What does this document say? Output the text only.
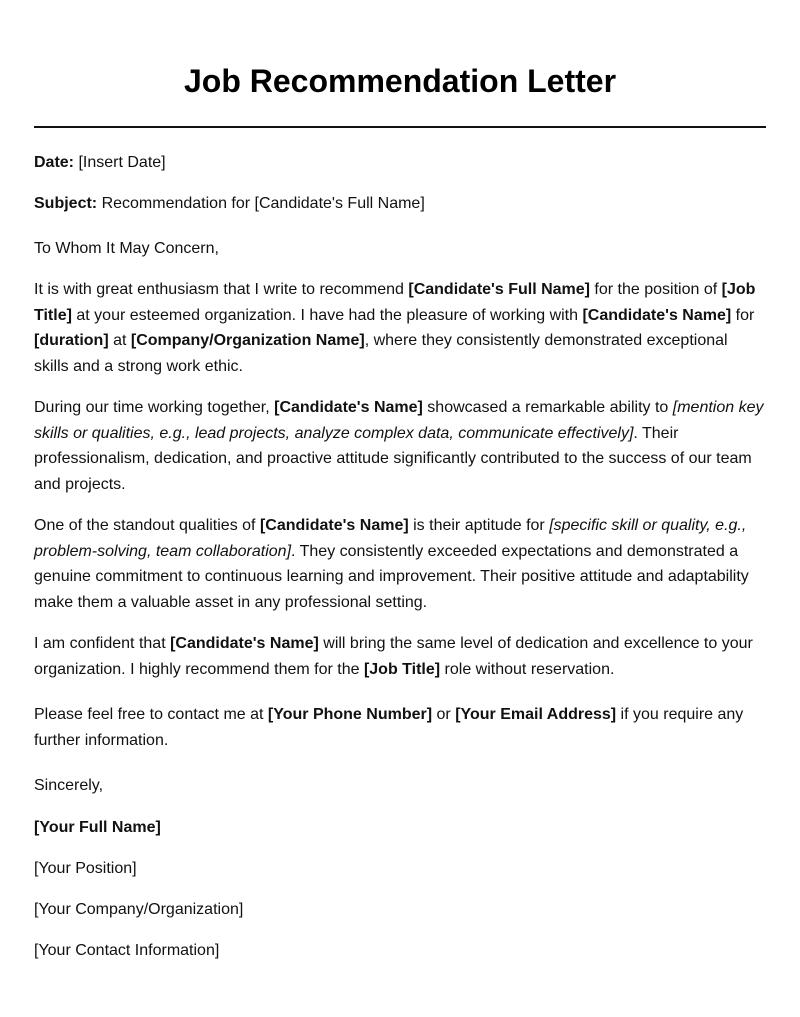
Job Recommendation Letter

Date: [Insert Date]

Subject: Recommendation for [Candidate's Full Name]

To Whom It May Concern,

It is with great enthusiasm that I write to recommend [Candidate's Full Name] for the position of [Job Title] at your esteemed organization. I have had the pleasure of working with [Candidate's Name] for [duration] at [Company/Organization Name], where they consistently demonstrated exceptional skills and a strong work ethic.

During our time working together, [Candidate's Name] showcased a remarkable ability to [mention key skills or qualities, e.g., lead projects, analyze complex data, communicate effectively]. Their professionalism, dedication, and proactive attitude significantly contributed to the success of our team and projects.

One of the standout qualities of [Candidate's Name] is their aptitude for [specific skill or quality, e.g., problem-solving, team collaboration]. They consistently exceeded expectations and demonstrated a genuine commitment to continuous learning and improvement. Their positive attitude and adaptability make them a valuable asset in any professional setting.

I am confident that [Candidate's Name] will bring the same level of dedication and excellence to your organization. I highly recommend them for the [Job Title] role without reservation.

Please feel free to contact me at [Your Phone Number] or [Your Email Address] if you require any further information.

Sincerely,

[Your Full Name]

[Your Position]

[Your Company/Organization]

[Your Contact Information]
